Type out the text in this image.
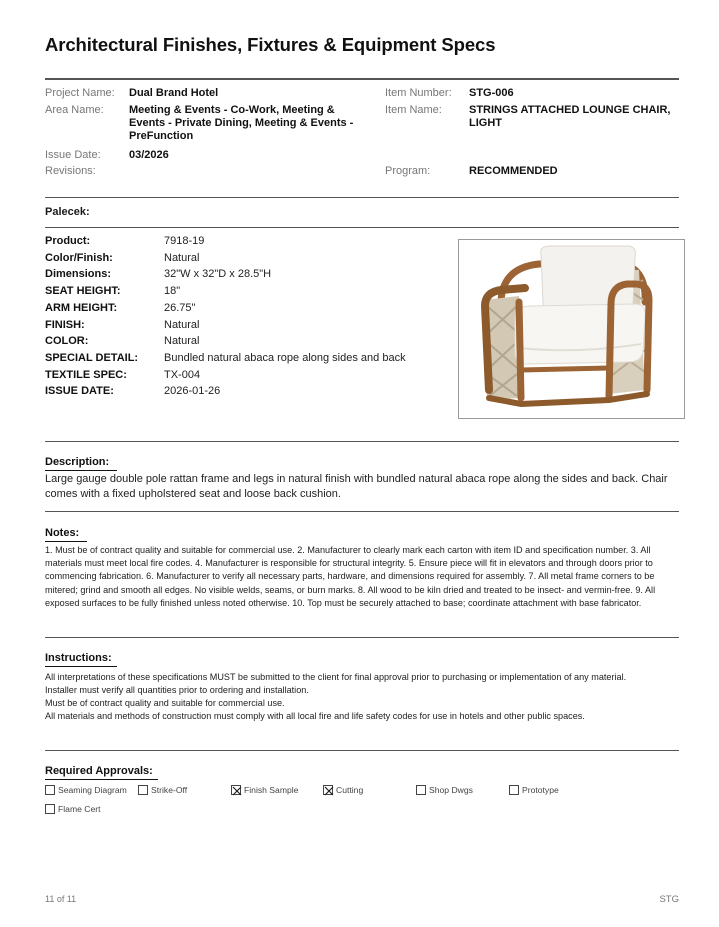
Architectural Finishes, Fixtures & Equipment Specs
Project Name: Dual Brand Hotel
Area Name: Meeting & Events - Co-Work, Meeting & Events - Private Dining, Meeting & Events - PreFunction
Issue Date:	03/2026
Revisions:
Item Number: STG-006
Item Name: STRINGS ATTACHED LOUNGE CHAIR, LIGHT
Program:	RECOMMENDED
Palecek:
Product:	7918-19
Color/Finish:	Natural
Dimensions:	32"W x 32"D x 28.5"H
SEAT HEIGHT:	18"
ARM HEIGHT:	26.75"
FINISH:	Natural
COLOR:	Natural
SPECIAL DETAIL: Bundled natural abaca rope along sides and back
TEXTILE SPEC:	TX-004
ISSUE DATE:	2026-01-26
Description:
Large gauge double pole rattan frame and legs in natural finish with bundled natural abaca rope along the sides and back. Chair comes with a fixed upholstered seat and loose back cushion.
Notes:
1. Must be of contract quality and suitable for commercial use. 2. Manufacturer to clearly mark each carton with item ID and specification number. 3. All materials must meet local fire codes. 4. Manufacturer is responsible for structural integrity. 5. Ensure piece will fit in elevators and through doors prior to commencing fabrication. 6. Manufacturer to verify all necessary parts, hardware, and dimensions required for assembly. 7. All metal frame corners to be mitered; grind and smooth all edges. No visible welds, seams, or burn marks. 8. All wood to be kiln dried and treated to be insect- and vermin-free. 9. All exposed surfaces to be fully finished unless noted otherwise. 10. Top must be securely attached to base; coordinate attachment with base fabricator.
Instructions:
All interpretations of these specifications MUST be submitted to the client for final approval prior to purchasing or implementation of any material.
Installer must verify all quantities prior to ordering and installation.
Must be of contract quality and suitable for commercial use.
All materials and methods of construction must comply with all local fire and life safety codes for use in hotels and other public spaces.
Required Approvals:
Seaming Diagram	Strike-Off	Finish Sample	Cutting	Shop Dwgs	Prototype
Flame Cert
11 of 11	STG
